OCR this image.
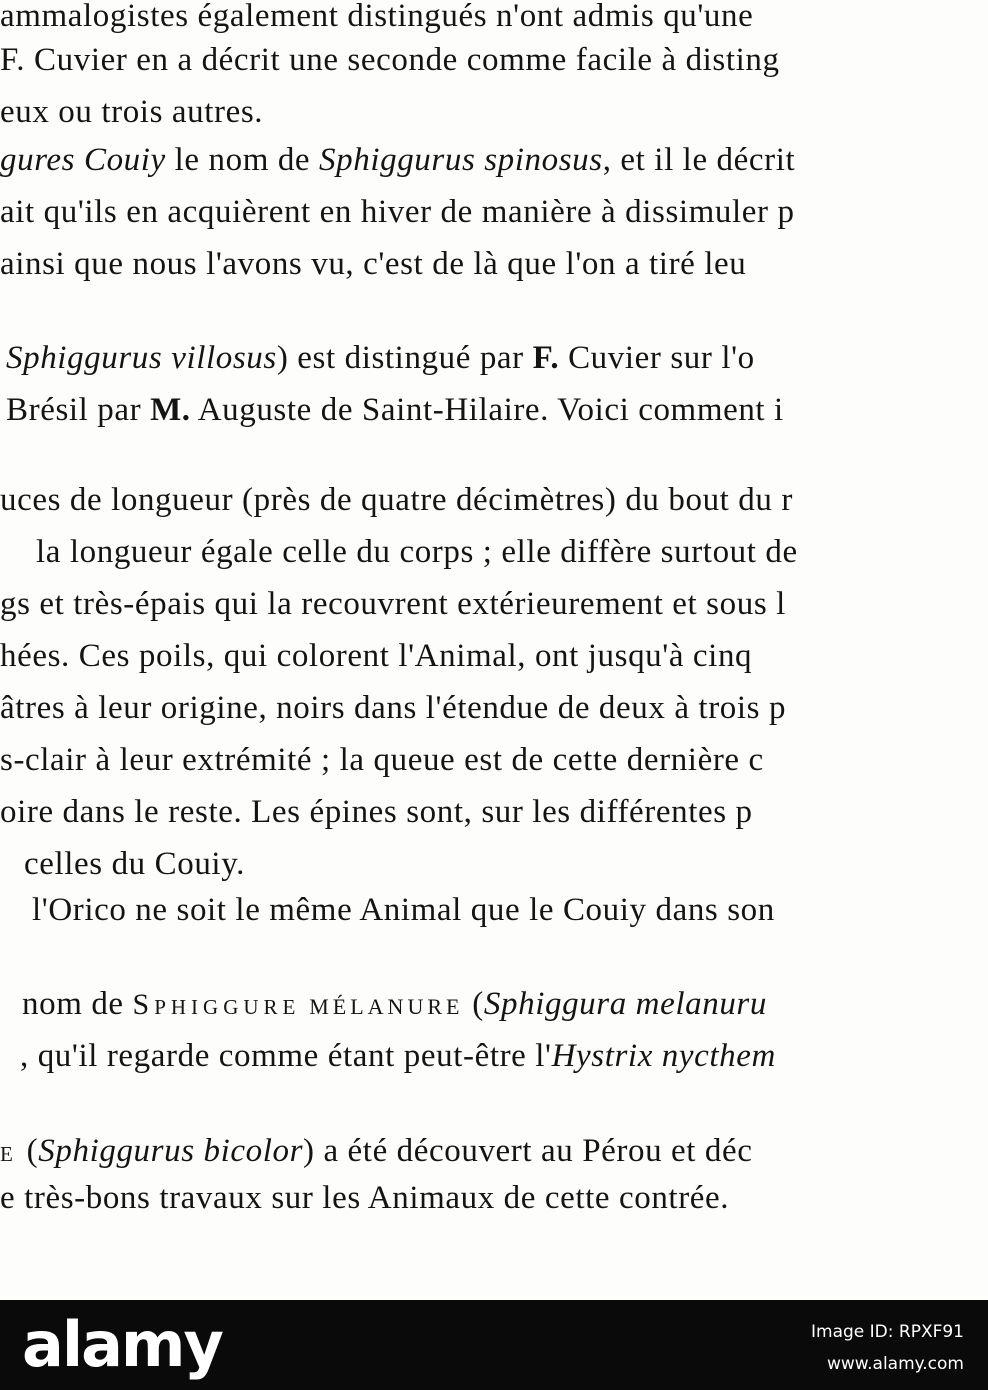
ammalogistes également distingués n'ont admis qu'une
F. Cuvier en a décrit une seconde comme facile à disting
eux ou trois autres.
gures Couiy le nom de Sphiggurus spinosus, et il le décrit
ait qu'ils en acquièrent en hiver de manière à dissimuler p
ainsi que nous l'avons vu, c'est de là que l'on a tiré leu
Sphiggurus villosus) est distingué par F. Cuvier sur l'o
Brésil par M. Auguste de Saint-Hilaire. Voici comment i
uces de longueur (près de quatre décimètres) du bout du r
la longueur égale celle du corps ; elle diffère surtout de
gs et très-épais qui la recouvrent extérieurement et sous l
hées. Ces poils, qui colorent l'Animal, ont jusqu'à cinq
âtres à leur origine, noirs dans l'étendue de deux à trois p
s-clair à leur extrémité ; la queue est de cette dernière c
oire dans le reste. Les épines sont, sur les différentes p
celles du Couiy.
l'Orico ne soit le même Animal que le Couiy dans son
nom de Sphiggure MÉLANURE (Sphiggura melanuru
, qu'il regarde comme étant peut-être l'Hystrix nycthem
e (Sphiggurus bicolor) a été découvert au Pérou et déc
e très-bons travaux sur les Animaux de cette contrée.
alamy	Image ID: RPXF91
www.alamy.com
